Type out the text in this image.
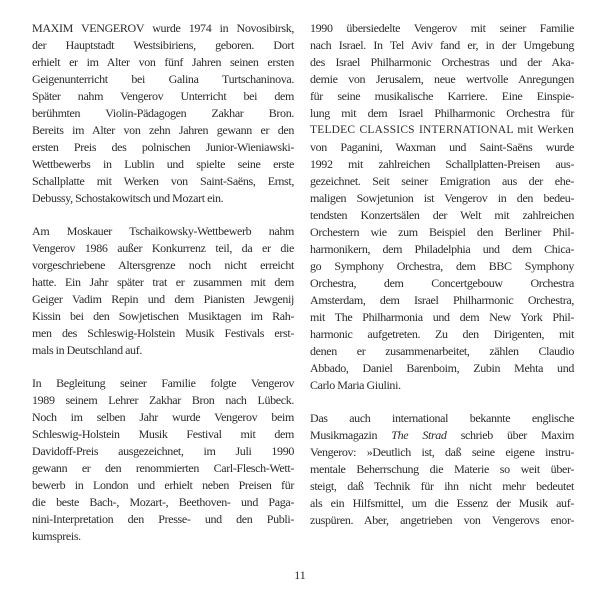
MAXIM VENGEROV wurde 1974 in Novosibirsk,
der Hauptstadt Westsibiriens, geboren. Dort
erhielt er im Alter von fünf Jahren seinen ersten
Geigenunterricht bei Galina Turtschaninova.
Später nahm Vengerov Unterricht bei dem
berühmten Violin-Pädagogen Zakhar Bron.
Bereits im Alter von zehn Jahren gewann er den
ersten Preis des polnischen Junior-Wieniawski-
Wettbewerbs in Lublin und spielte seine erste
Schallplatte mit Werken von Saint-Saëns, Ernst,
Debussy, Schostakowitsch und Mozart ein.
Am Moskauer Tschaikowsky-Wettbewerb nahm
Vengerov 1986 außer Konkurrenz teil, da er die
vorgeschriebene Altersgrenze noch nicht erreicht
hatte. Ein Jahr später trat er zusammen mit dem
Geiger Vadim Repin und dem Pianisten Jewgenij
Kissin bei den Sowjetischen Musiktagen im Rah-
men des Schleswig-Holstein Musik Festivals erst-
mals in Deutschland auf.
In Begleitung seiner Familie folgte Vengerov
1989 seinem Lehrer Zakhar Bron nach Lübeck.
Noch im selben Jahr wurde Vengerov beim
Schleswig-Holstein Musik Festival mit dem
Davidoff-Preis ausgezeichnet, im Juli 1990
gewann er den renommierten Carl-Flesch-Wett-
bewerb in London und erhielt neben Preisen für
die beste Bach-, Mozart-, Beethoven- und Paga-
nini-Interpretation den Presse- und den Publi-
kumspreis.
1990 übersiedelte Vengerov mit seiner Familie
nach Israel. In Tel Aviv fand er, in der Umgebung
des Israel Philharmonic Orchestras und der Aka-
demie von Jerusalem, neue wertvolle Anregungen
für seine musikalische Karriere. Eine Einspie-
lung mit dem Israel Philharmonic Orchestra für
TELDEC CLASSICS INTERNATIONAL mit Werken
von Paganini, Waxman und Saint-Saëns wurde
1992 mit zahlreichen Schallplatten-Preisen aus-
gezeichnet. Seit seiner Emigration aus der ehe-
maligen Sowjetunion ist Vengerov in den bedeu-
tendsten Konzertsälen der Welt mit zahlreichen
Orchestern wie zum Beispiel den Berliner Phil-
harmonikern, dem Philadelphia und dem Chica-
go Symphony Orchestra, dem BBC Symphony
Orchestra, dem Concertgebouw Orchestra
Amsterdam, dem Israel Philharmonic Orchestra,
mit The Philharmonia und dem New York Phil-
harmonic aufgetreten. Zu den Dirigenten, mit
denen er zusammenarbeitet, zählen Claudio
Abbado, Daniel Barenboim, Zubin Mehta und
Carlo Maria Giulini.
Das auch international bekannte englische
Musikmagazin The Strad schrieb über Maxim
Vengerov: »Deutlich ist, daß seine eigene instru-
mentale Beherrschung die Materie so weit über-
steigt, daß Technik für ihn nicht mehr bedeutet
als ein Hilfsmittel, um die Essenz der Musik auf-
zuspüren. Aber, angetrieben von Vengerovs enor-
11
